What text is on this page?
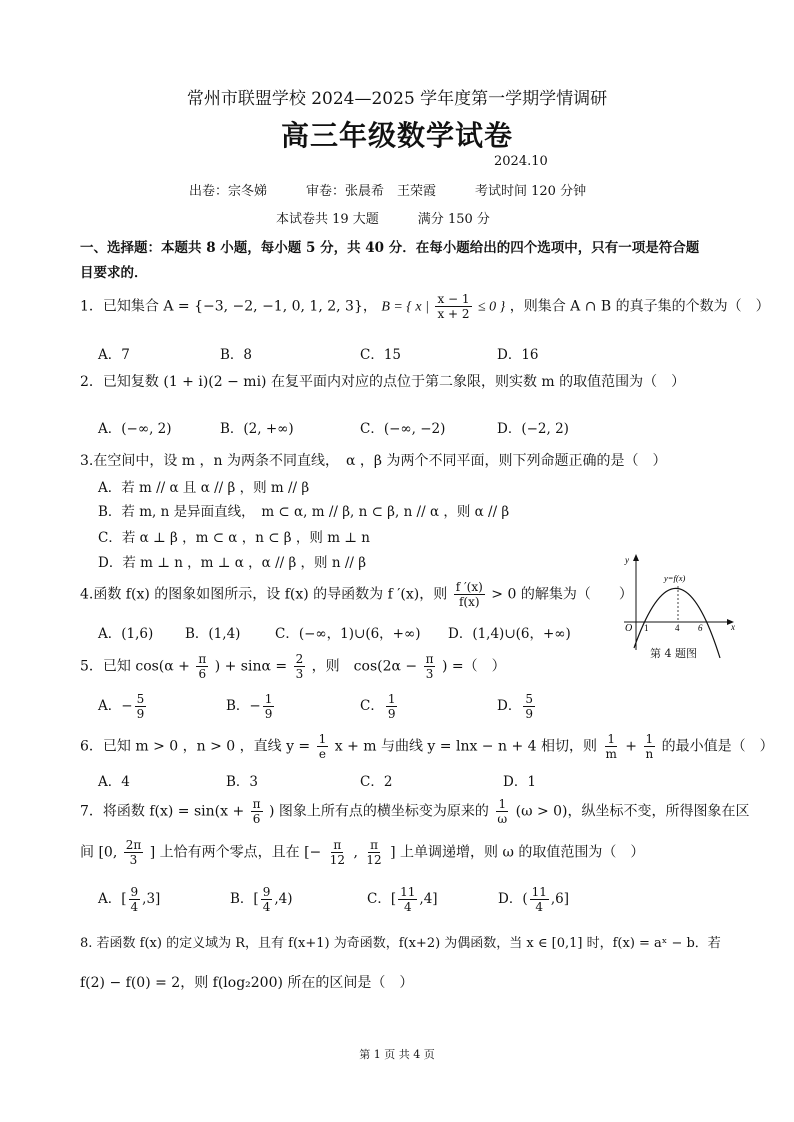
常州市联盟学校 2024—2025 学年度第一学期学情调研
高三年级数学试卷
2024.10
出卷：宗冬娣　　　审卷：张晨希　王荣霞　　　考试时间 120 分钟
本试卷共 19 大题　　　满分 150 分
一、选择题：本题共 8 小题，每小题 5 分，共 40 分．在每小题给出的四个选项中，只有一项是符合题
目要求的．
1．已知集合 A = {−3, −2, −1, 0, 1, 2, 3}， B = { x | $\frac{x - 1}{x + 2} \le 0$ } ，则集合 A ∩ B 的真子集的个数为（　）
A．7	B．8	C．15	D．16
2．已知复数 (1 + i)(2 − mi) 在复平面内对应的点位于第二象限，则实数 m 的取值范围为（　）
A．(−∞, 2)	B．(2, +∞)	C．(−∞, −2)	D．(−2, 2)
3.在空间中，设 m ，n 为两条不同直线，　α ，β 为两个不同平面，则下列命题正确的是（　）
A．若 m // α 且 α // β ，则 m // β
B．若 m, n 是异面直线，　m ⊂ α, m // β, n ⊂ β, n // α ，则 α // β
C．若 α ⊥ β ，m ⊂ α ，n ⊂ β ，则 m ⊥ n
D．若 m ⊥ n ，m ⊥ α ，α // β ，则 n // β
4.函数 f(x) 的图象如图所示，设 f(x) 的导函数为 f ′(x)，则 $\frac{f '(x)}{f(x)} > 0$ 的解集为（　　）
A．(1,6) B．(1,4)	C．(−∞，1)∪(6，+∞) D．(1,4)∪(6，+∞)
y
x
O 1	4 6
y=f(x)
第 4 题图
5．已知 $\cos(\alpha + \frac{\pi}{6}$ ) + $\sin\alpha = \frac{2}{3}$ ，则　$\cos(2\alpha - \frac{\pi}{3}$ ) =（　）
A．− $\frac{5}{9}$	B．− $\frac{1}{9}$	C． $\frac{1}{9}$	D． $\frac{5}{9}$
6．已知 m > 0 ，n > 0 ，直线 $y = \frac{1}{e}$ x + m 与曲线 y = lnx − n + 4 相切，则 $\frac{1}{m} + \frac{1}{n}$ 的最小值是（　）
A．4	B．3	C．2	D．1
7．将函数 $f(x) = \sin(x + \frac{\pi}{6}$ ) 图象上所有点的横坐标变为原来的 $\frac{1}{\omega} (\omega > 0)$，纵坐标不变，所得图象在区
间 [0, $\frac{2\pi}{3}$ ] 上恰有两个零点，且在 [− $\frac{\pi}{12}$ , $\frac{\pi}{12}$ ] 上单调递增，则 ω 的取值范围为（　）
A．[ $\frac{9}{4} ,3$]	B．[ $\frac{9}{4} ,4$)	C．[ $\frac{11}{4} ,4$]	D．( $\frac{11}{4} ,6$]
8. 若函数 f(x) 的定义域为 R，且有 f(x+1) 为奇函数，f(x+2) 为偶函数，当 x ∈ [0,1] 时，f(x) = aˣ − b．若
f(2) − f(0) = 2，则 f(log₂200) 所在的区间是（　）
第 1 页 共 4 页
